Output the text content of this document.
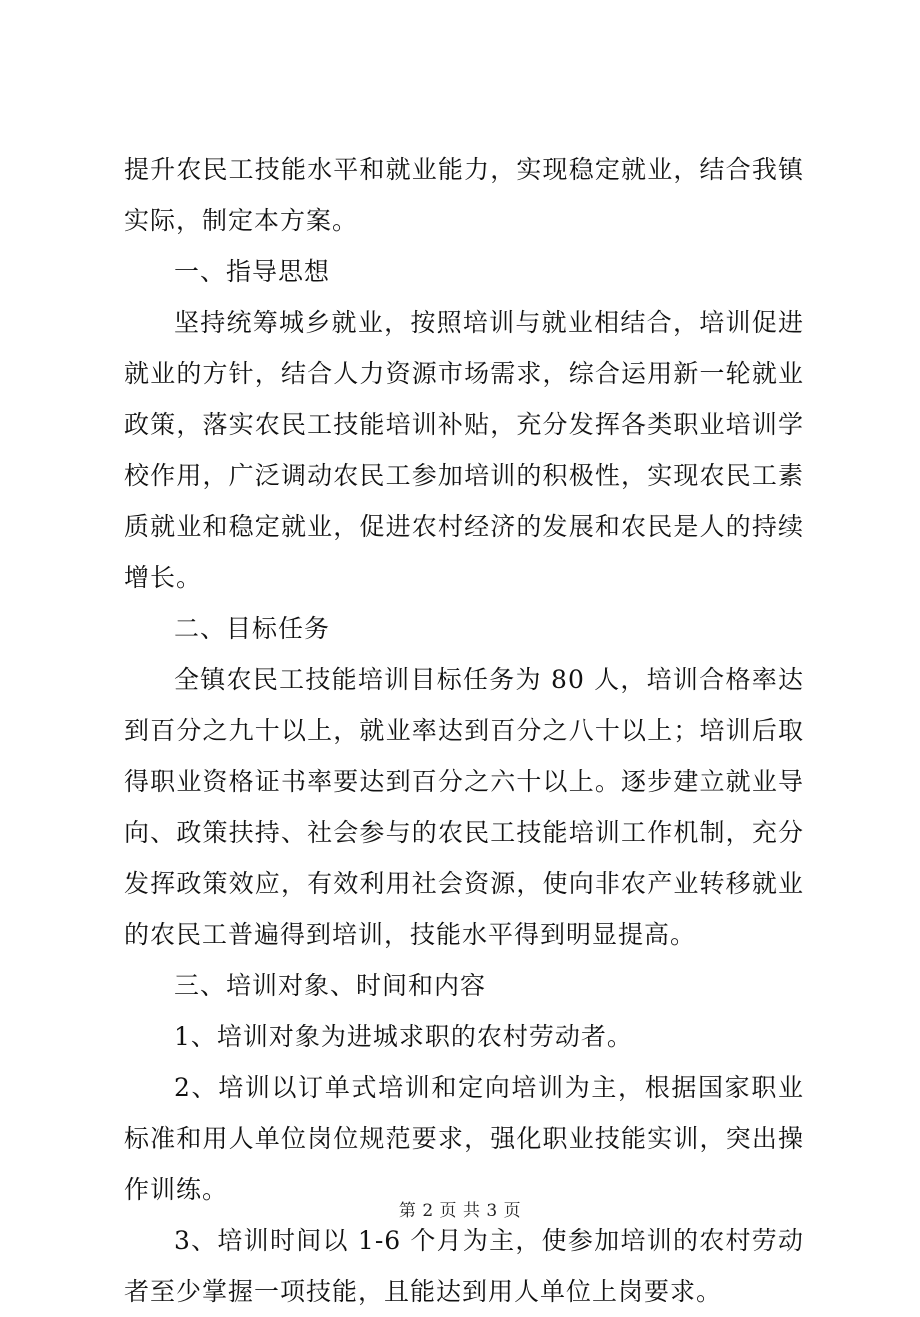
提升农民工技能水平和就业能力，实现稳定就业，结合我镇实际，制定本方案。

一、指导思想

坚持统筹城乡就业，按照培训与就业相结合，培训促进就业的方针，结合人力资源市场需求，综合运用新一轮就业政策，落实农民工技能培训补贴，充分发挥各类职业培训学校作用，广泛调动农民工参加培训的积极性，实现农民工素质就业和稳定就业，促进农村经济的发展和农民是人的持续增长。

二、目标任务

全镇农民工技能培训目标任务为 80 人，培训合格率达到百分之九十以上，就业率达到百分之八十以上；培训后取得职业资格证书率要达到百分之六十以上。逐步建立就业导向、政策扶持、社会参与的农民工技能培训工作机制，充分发挥政策效应，有效利用社会资源，使向非农产业转移就业的农民工普遍得到培训，技能水平得到明显提高。

三、培训对象、时间和内容

1、培训对象为进城求职的农村劳动者。

2、培训以订单式培训和定向培训为主，根据国家职业标准和用人单位岗位规范要求，强化职业技能实训，突出操作训练。

3、培训时间以 1-6 个月为主，使参加培训的农村劳动者至少掌握一项技能，且能达到用人单位上岗要求。

第 2 页 共 3 页
